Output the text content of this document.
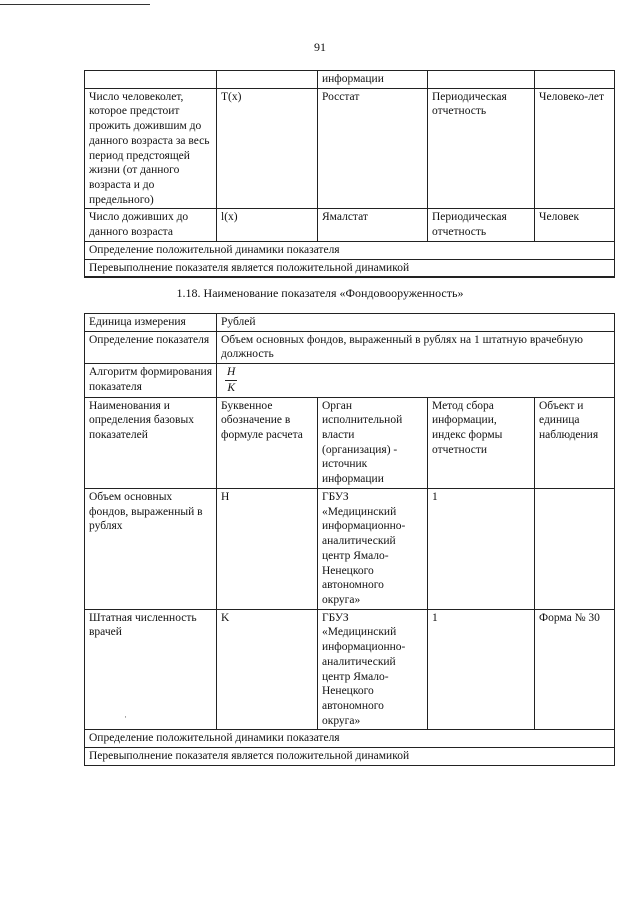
91
		информации		
Число человеколет, которое предстоит прожить дожившим до данного возраста за весь период предстоящей жизни (от данного возраста и до предельного)	T(x)	Росстат	Периодическая отчетность	Человеко-лет
Число доживших до данного возраста	l(x)	Ямалстат	Периодическая отчетность	Человек
Определение положительной динамики показателя				
Перевыполнение показателя является положительной динамикой				
1.18. Наименование показателя «Фондовооруженность»
Единица измерения	Рублей			
Определение показателя	Объем основных фондов, выраженный в рублях на 1 штатную врачебную должность			
Алгоритм формирования показателя	$\frac{H}{K}$

Наименования и определения базовых показателей	Буквенное обозначение в формуле расчета	Орган исполнительной власти (организация) - источник информации	Метод сбора информации, индекс формы отчетности	Объект и единица наблюдения
Объем основных фондов, выраженный в рублях	H	ГБУЗ «Медицинский информационно-аналитический центр Ямало-Ненецкого автономного округа»	1	
Штатная численность врачей	K	ГБУЗ «Медицинский информационно-аналитический центр Ямало-Ненецкого автономного округа»	1	Форма № 30
Определение положительной динамики показателя				
Перевыполнение показателя является положительной динамикой				
·
